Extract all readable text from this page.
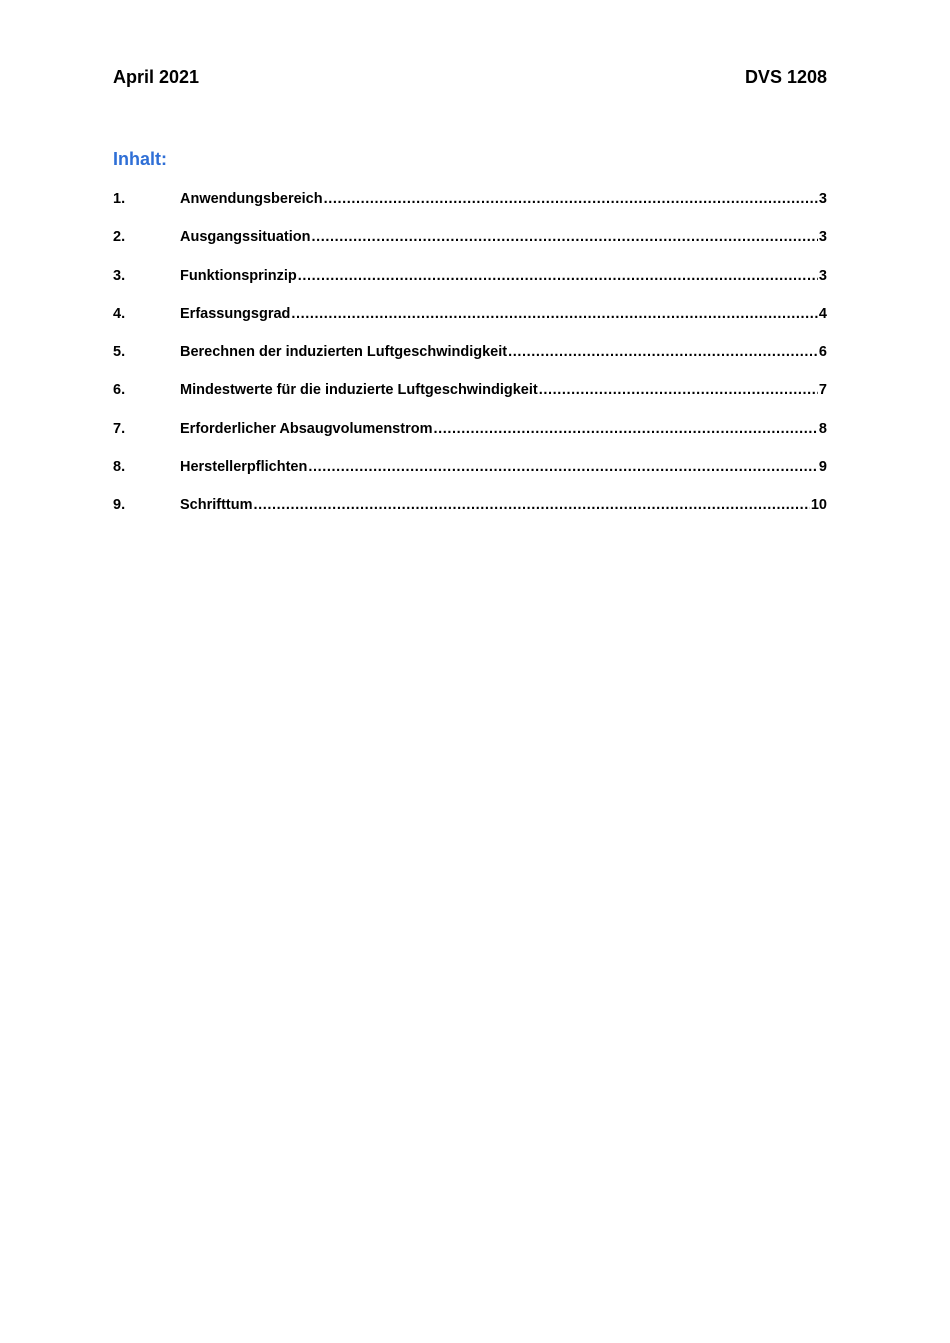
April 2021	DVS 1208
Inhalt:
1.	Anwendungsbereich .....	3
2.	Ausgangssituation .....	3
3.	Funktionsprinzip .....	3
4.	Erfassungsgrad .....	4
5.	Berechnen der induzierten Luftgeschwindigkeit .....	6
6.	Mindestwerte für die induzierte Luftgeschwindigkeit .....	7
7.	Erforderlicher Absaugvolumenstrom .....	8
8.	Herstellerpflichten .....	9
9.	Schrifttum .....	10
